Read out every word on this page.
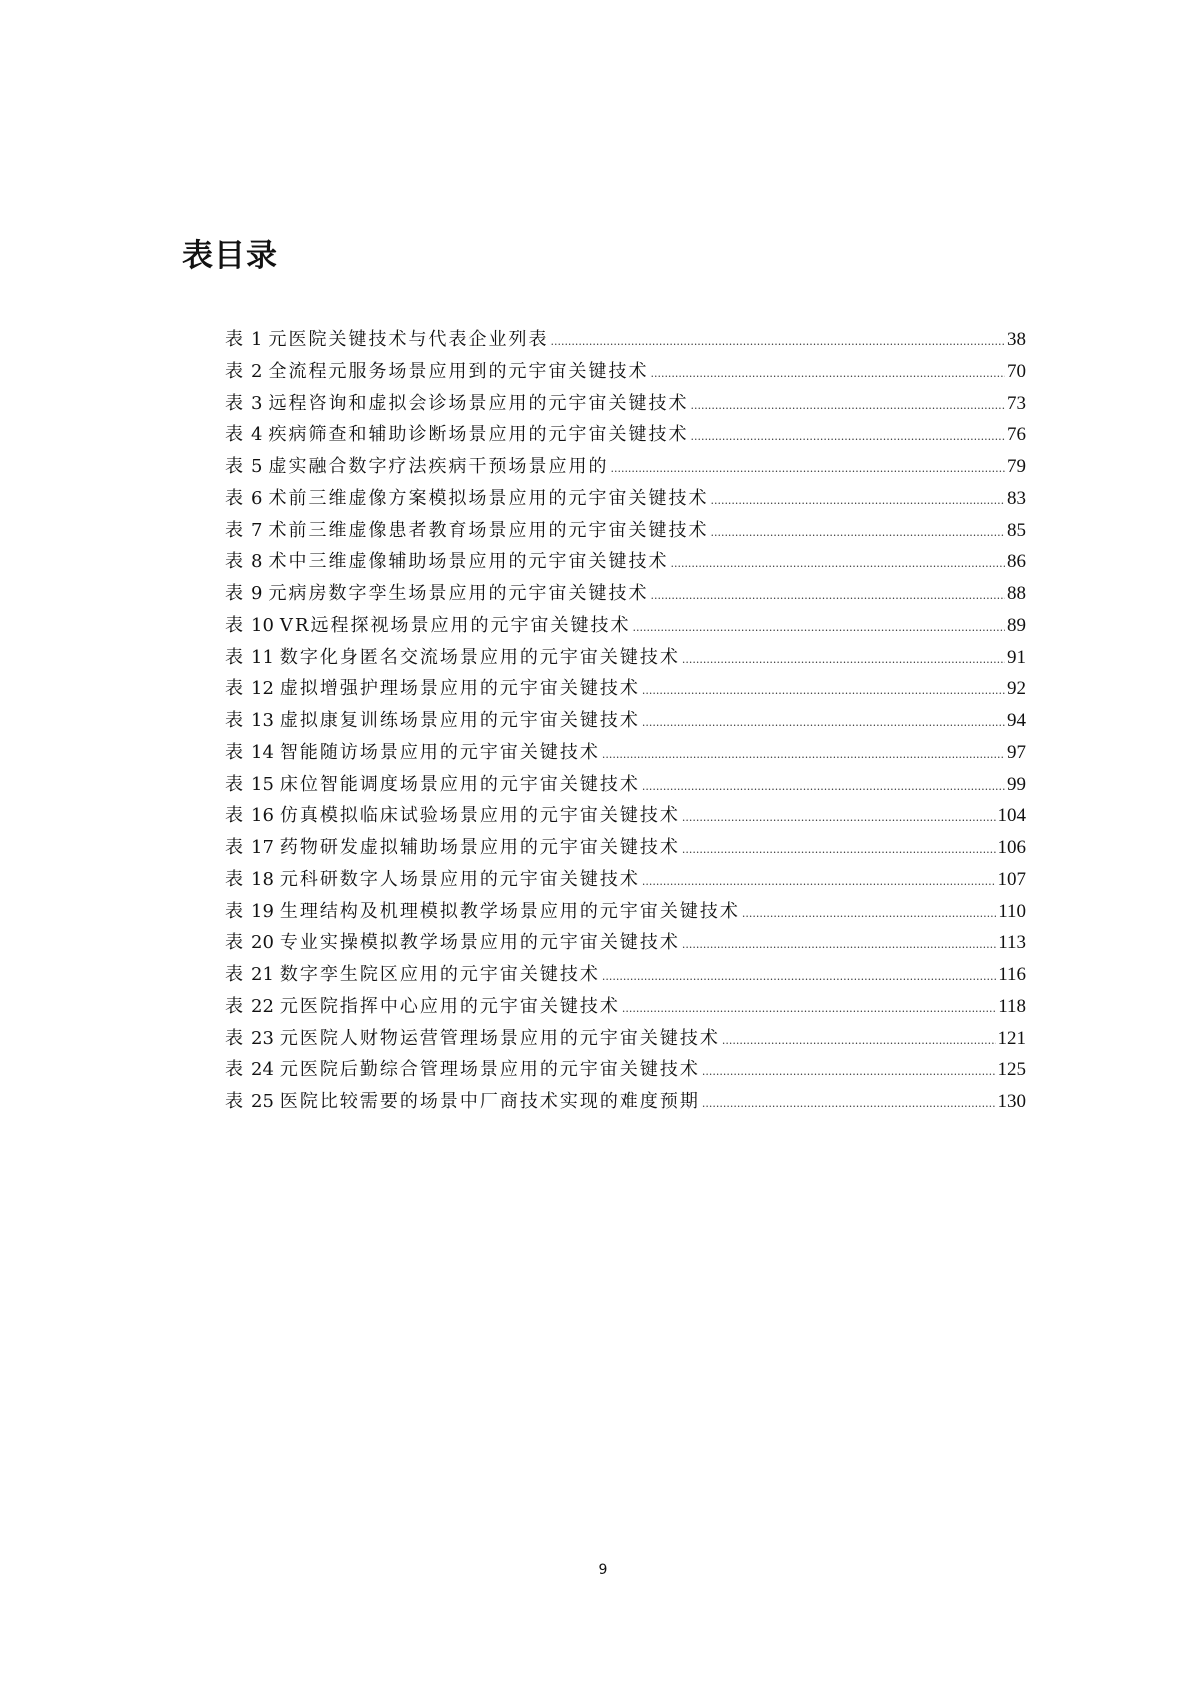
表目录
表 1 元医院关键技术与代表企业列表 .....	38
表 2 全流程元服务场景应用到的元宇宙关键技术 .....	70
表 3 远程咨询和虚拟会诊场景应用的元宇宙关键技术 .....	73
表 4 疾病筛查和辅助诊断场景应用的元宇宙关键技术 .....	76
表 5 虚实融合数字疗法疾病干预场景应用的 .....	79
表 6 术前三维虚像方案模拟场景应用的元宇宙关键技术 .....	83
表 7 术前三维虚像患者教育场景应用的元宇宙关键技术 .....	85
表 8 术中三维虚像辅助场景应用的元宇宙关键技术 .....	86
表 9 元病房数字孪生场景应用的元宇宙关键技术 .....	88
表 10 VR远程探视场景应用的元宇宙关键技术 .....	89
表 11 数字化身匿名交流场景应用的元宇宙关键技术 .....	91
表 12 虚拟增强护理场景应用的元宇宙关键技术 .....	92
表 13 虚拟康复训练场景应用的元宇宙关键技术 .....	94
表 14 智能随访场景应用的元宇宙关键技术 .....	97
表 15 床位智能调度场景应用的元宇宙关键技术 .....	99
表 16 仿真模拟临床试验场景应用的元宇宙关键技术 .....	104
表 17 药物研发虚拟辅助场景应用的元宇宙关键技术 .....	106
表 18 元科研数字人场景应用的元宇宙关键技术 .....	107
表 19 生理结构及机理模拟教学场景应用的元宇宙关键技术 .....	110
表 20 专业实操模拟教学场景应用的元宇宙关键技术 .....	113
表 21 数字孪生院区应用的元宇宙关键技术 .....	116
表 22 元医院指挥中心应用的元宇宙关键技术 .....	118
表 23 元医院人财物运营管理场景应用的元宇宙关键技术 .....	121
表 24 元医院后勤综合管理场景应用的元宇宙关键技术 .....	125
表 25 医院比较需要的场景中厂商技术实现的难度预期 .....	130
9
